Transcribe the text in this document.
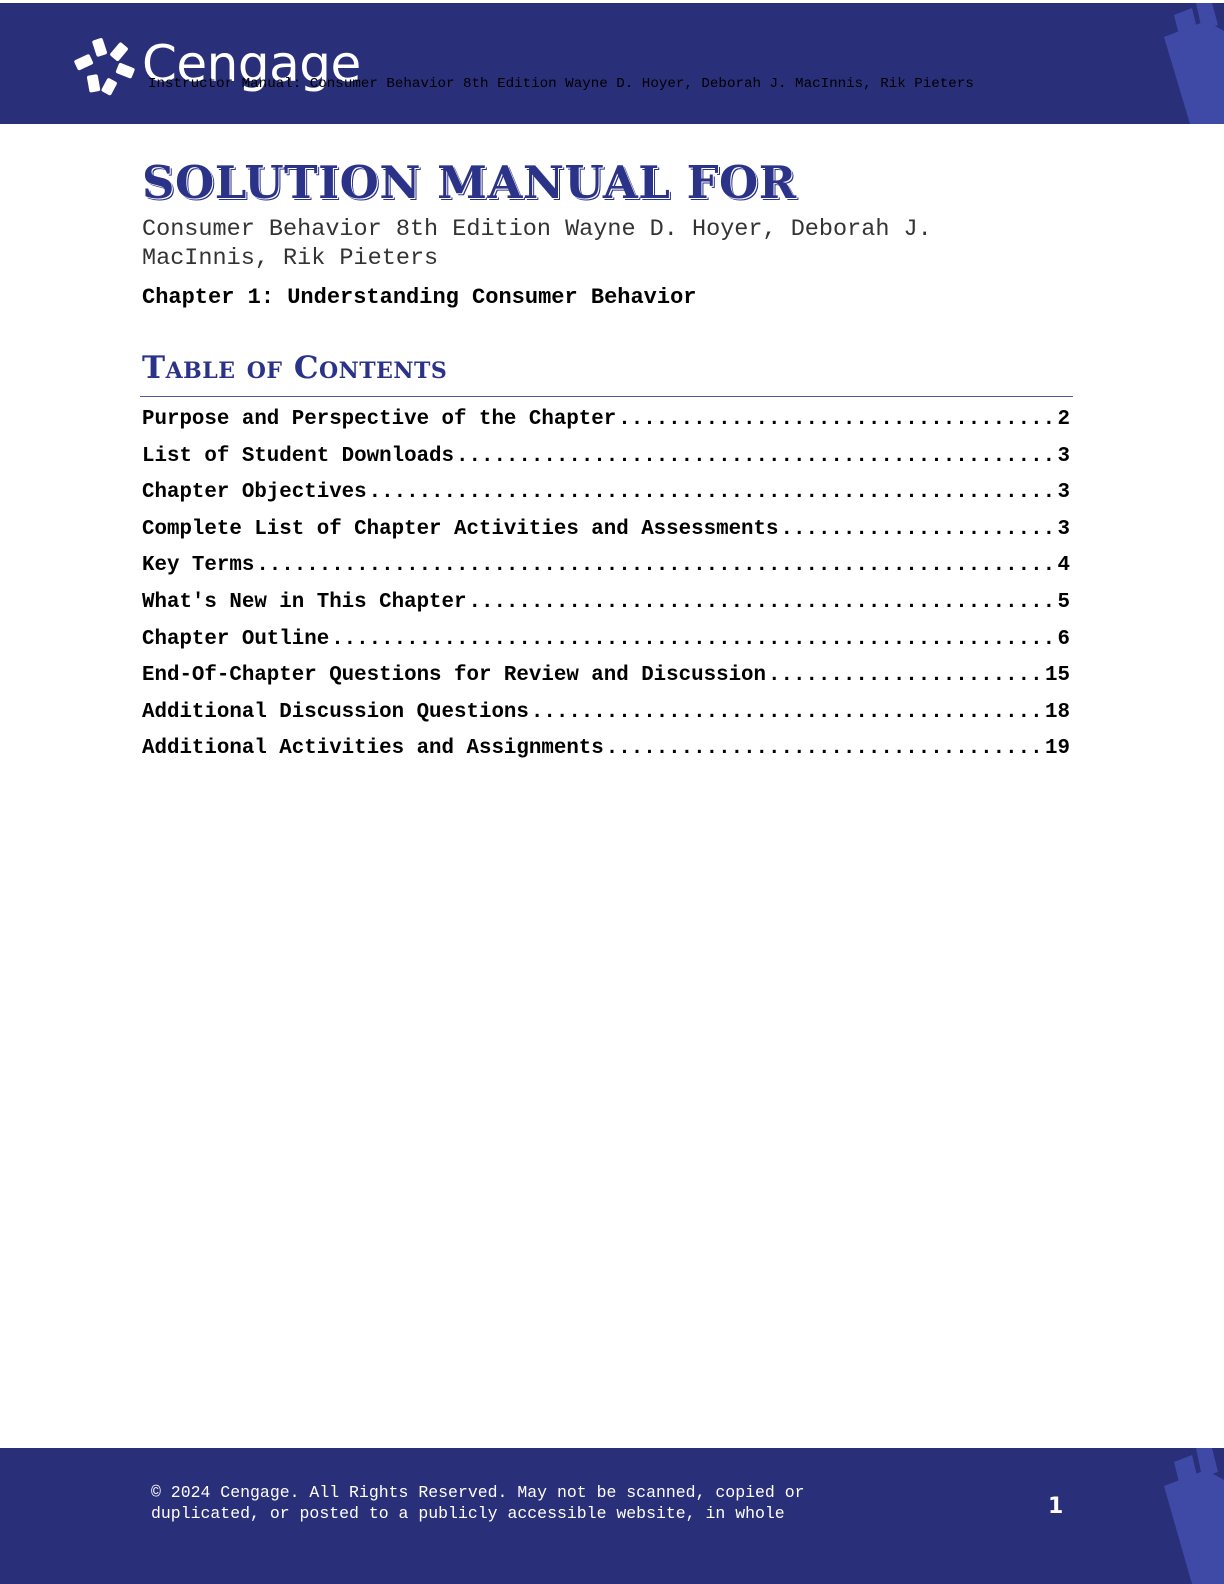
Cengage
Instructor Manual: Consumer Behavior 8th Edition Wayne D. Hoyer, Deborah J. MacInnis, Rik Pieters
SOLUTION MANUAL FOR

Consumer Behavior 8th Edition Wayne D. Hoyer, Deborah J. MacInnis, Rik Pieters

Chapter 1: Understanding Consumer Behavior
Table of Contents
Purpose and Perspective of the Chapter .....	2
List of Student Downloads .....	3
Chapter Objectives .....	3
Complete List of Chapter Activities and Assessments .....	3
Key Terms .....	4
What's New in This Chapter .....	5
Chapter Outline .....	6
End-Of-Chapter Questions for Review and Discussion .....	15
Additional Discussion Questions .....	18
Additional Activities and Assignments .....	19

© 2024 Cengage. All Rights Reserved. May not be scanned, copied or duplicated, or posted to a publicly accessible website, in whole	1
